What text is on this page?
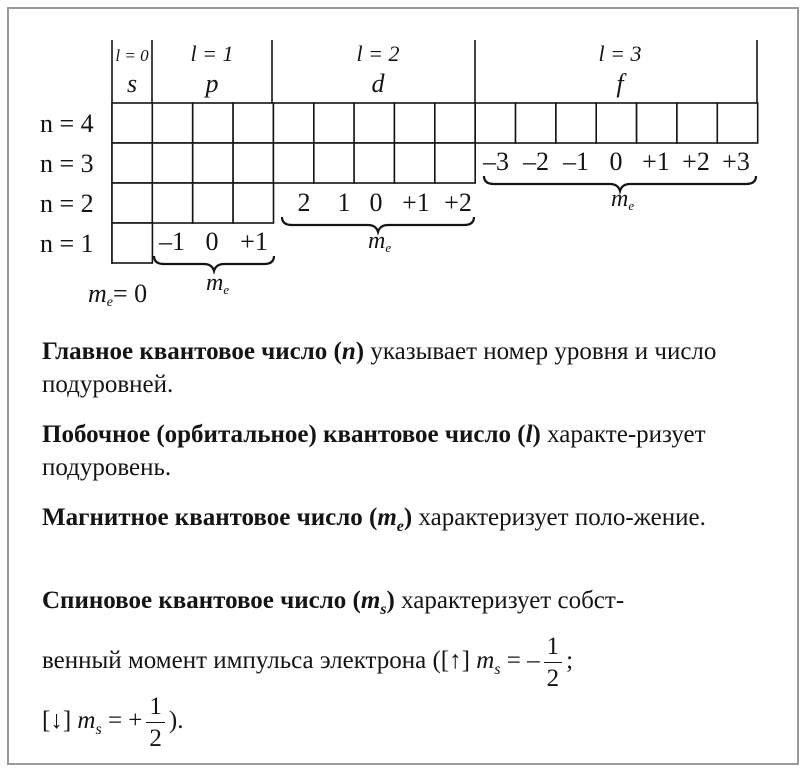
l = 0
s
l = 1
p
l = 2
d
l = 3
f
n = 4
n = 3
n = 2
n = 1
–3 –2 –1 0 +1 +2 +3
2 1 0 +1 +2
–1 0 +1
me
me
me
me= 0
Главное квантовое число (n) указывает номер уровня и число подуровней.
Побочное (орбитальное) квантовое число (l) характе-ризует подуровень.
Магнитное квантовое число $(m_e)$ характеризует поло-жение.
Спиновое квантовое число $(m_s)$ характеризует собст-
венный момент импульса электрона ([↑] $m_s$ = – $\frac{1}{2}$ ;
[↓] $m_s$ = + $\frac{1}{2}$ ).
